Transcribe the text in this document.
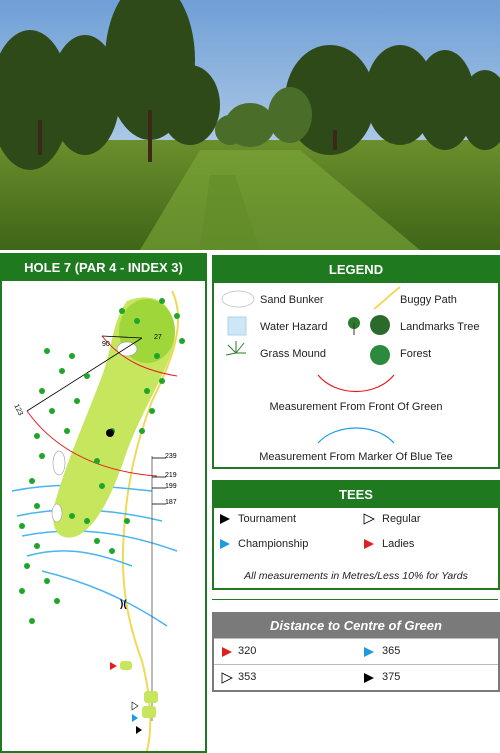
HOLE 7 (PAR 4 - INDEX 3)
239
219
199
187
123
90
27
)(
LEGEND
Sand Bunker	Buggy Path
Water Hazard	Landmarks Tree
Grass Mound	Forest
Measurement From Front Of Green
Measurement From Marker Of Blue Tee
TEES
Tournament	Regular
Championship	Ladies
All measurements in Metres/Less 10% for Yards
Distance to Centre of Green
320	365
353	375
